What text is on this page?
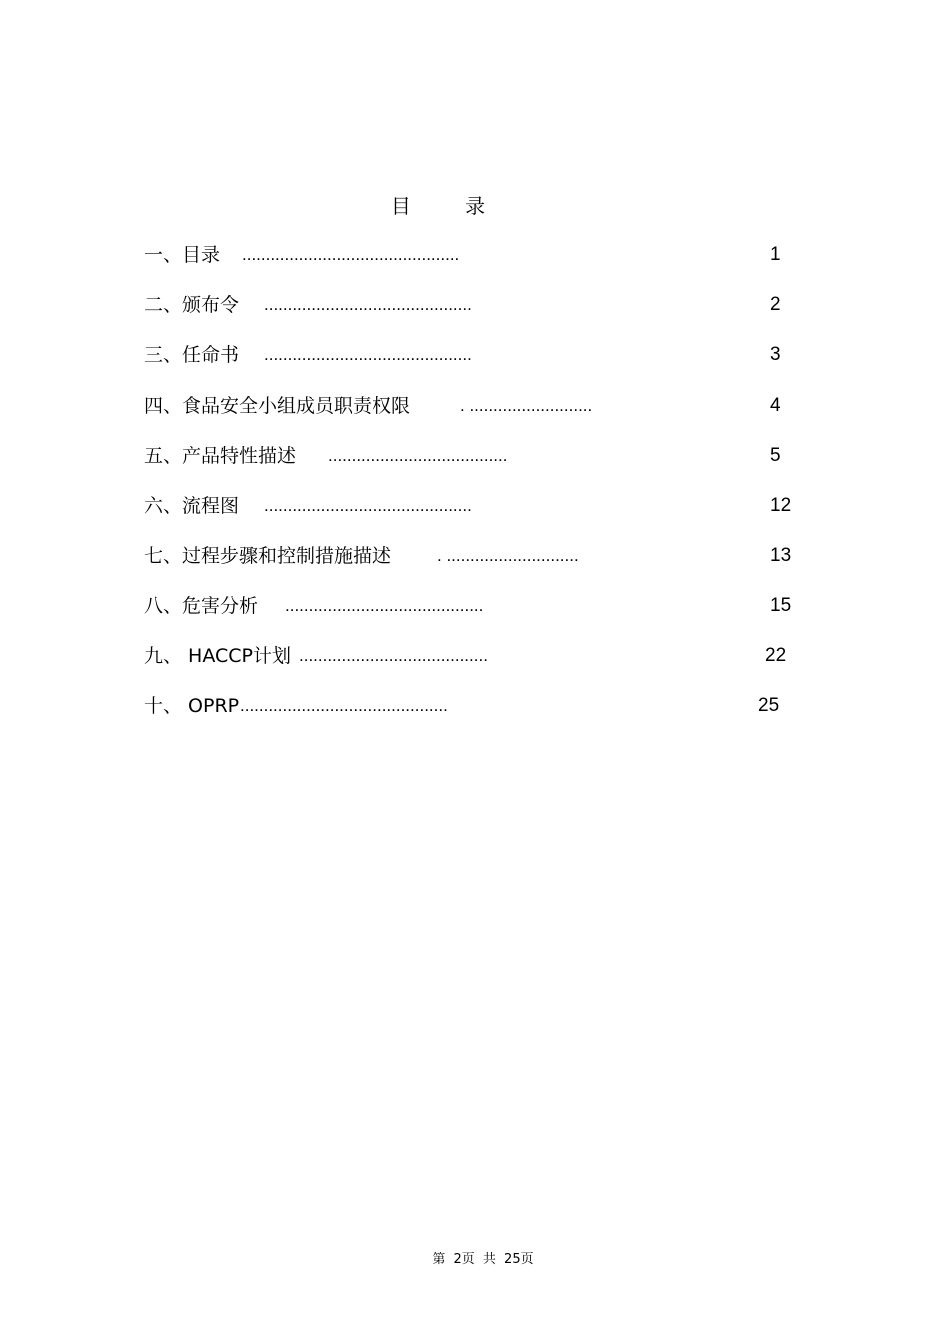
目 录
一、目录 ..............................................	1
二、颁布令 ............................................	2
三、任命书 ............................................	3
四、食品安全小组成员职责权限	. ..........................	4
五、产品特性描述 ......................................	5
六、流程图 ............................................	12
七、过程步骤和控制措施描述	. ............................	13
八、危害分析 ..........................................	15
九、 HACCP计划 ........................................	22
十、 OPRP ............................................	25
第 2页 共 25页
